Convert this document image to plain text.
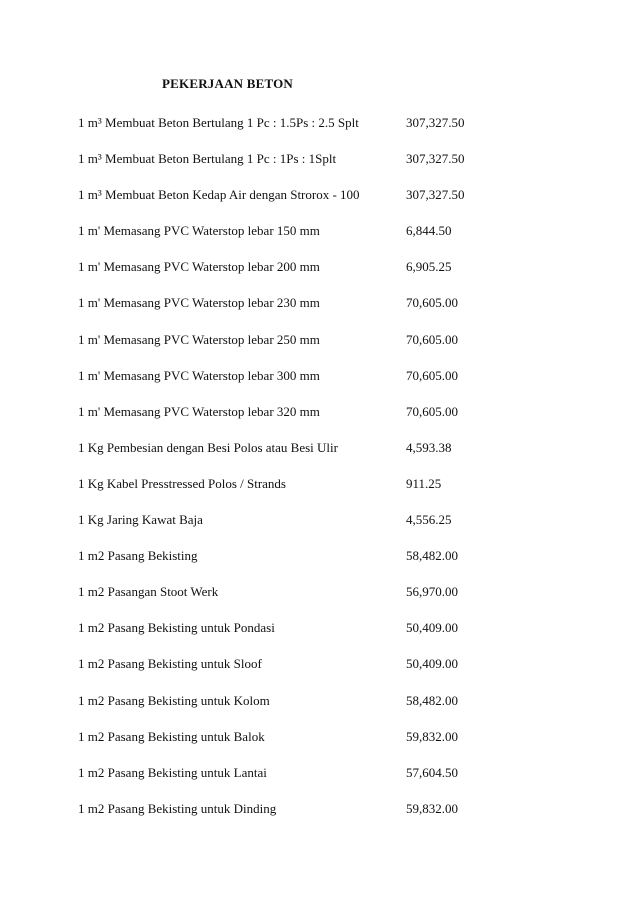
PEKERJAAN BETON
1 m³ Membuat Beton Bertulang 1 Pc : 1.5Ps : 2.5 Splt	307,327.50
1 m³ Membuat Beton Bertulang 1 Pc : 1Ps : 1Splt	307,327.50
1 m³ Membuat Beton Kedap Air dengan Strorox - 100	307,327.50
1 m' Memasang PVC Waterstop lebar 150 mm	6,844.50
1 m' Memasang PVC Waterstop lebar 200 mm	6,905.25
1 m' Memasang PVC Waterstop lebar 230 mm	70,605.00
1 m' Memasang PVC Waterstop lebar 250 mm	70,605.00
1 m' Memasang PVC Waterstop lebar 300 mm	70,605.00
1 m' Memasang PVC Waterstop lebar 320 mm	70,605.00
1 Kg Pembesian dengan Besi Polos atau Besi Ulir	4,593.38
1 Kg Kabel Presstressed Polos / Strands	911.25
1 Kg Jaring Kawat Baja	4,556.25
1 m2 Pasang Bekisting	58,482.00
1 m2 Pasangan Stoot Werk	56,970.00
1 m2 Pasang Bekisting untuk Pondasi	50,409.00
1 m2 Pasang Bekisting untuk Sloof	50,409.00
1 m2 Pasang Bekisting untuk Kolom	58,482.00
1 m2 Pasang Bekisting untuk Balok	59,832.00
1 m2 Pasang Bekisting untuk Lantai	57,604.50
1 m2 Pasang Bekisting untuk Dinding	59,832.00
